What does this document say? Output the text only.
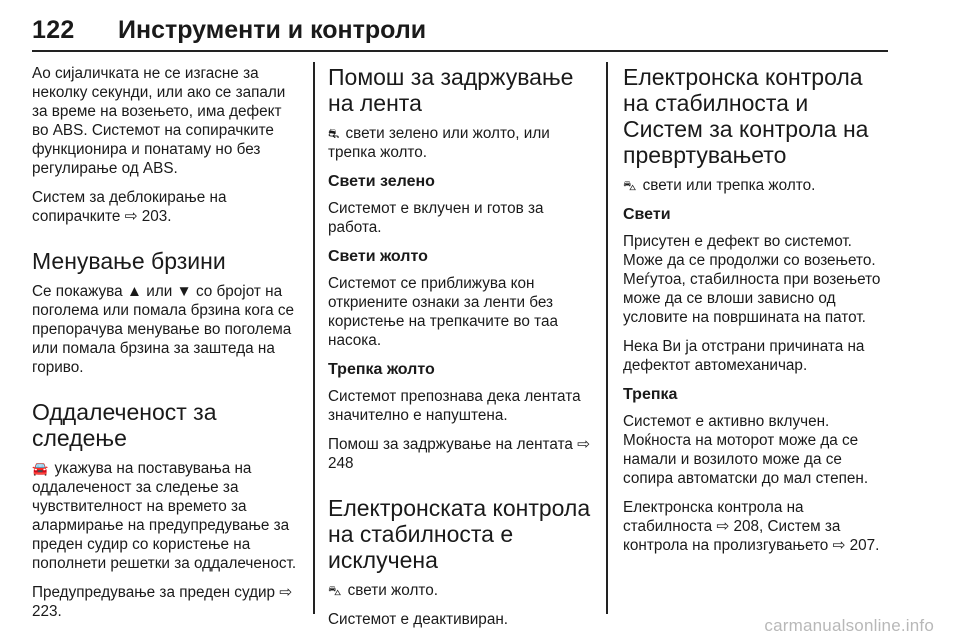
122 Инструменти и контроли

Ао сијаличката не се изгасне за неколку секунди, или ако се запали за време на возењето, има дефект во ABS. Системот на сопирачките функционира и понатаму но без регулирање од ABS.

Систем за деблокирање на сопирачките ⇨ 203.

Менување брзини

Се покажува ▲ или ▼ со бројот на поголема или помала брзина кога се препорачува менување во поголема или помала брзина за заштеда на гориво.

Оддалеченост за следење

🚘 укажува на поставувања на оддалеченост за следење за чувствителност на времето за алармирање на предупредување за преден судир со користење на пополнети решетки за оддалеченост.

Предупредување за преден судир ⇨ 223.

Помош за задржување на лента

⛐ свети зелено или жолто, или трепка жолто.

Свети зелено

Системот е вклучен и готов за работа.

Свети жолто

Системот се приближува кон откриените ознаки за ленти без користење на трепкачите во таа насока.

Трепка жолто

Системот препознава дека лентата значително е напуштена.

Помош за задржување на лентата ⇨ 248

Електронската контрола на стабилноста е исклучена

⛍ свети жолто.

Системот е деактивиран.

Електронска контрола на стабилноста и Систем за контрола на превртувањето

⛍ свети или трепка жолто.

Свети

Присутен е дефект во системот. Може да се продолжи со возењето. Меѓутоа, стабилноста при возењето може да се влоши зависно од условите на површината на патот.

Нека Ви ја отстрани причината на дефектот автомеханичар.

Трепка

Системот е активно вклучен. Моќноста на моторот може да се намали и возилото може да се сопира автоматски до мал степен.

Електронска контрола на стабилноста ⇨ 208, Систем за контрола на пролизгувањето ⇨ 207.

carmanualsonline.info
